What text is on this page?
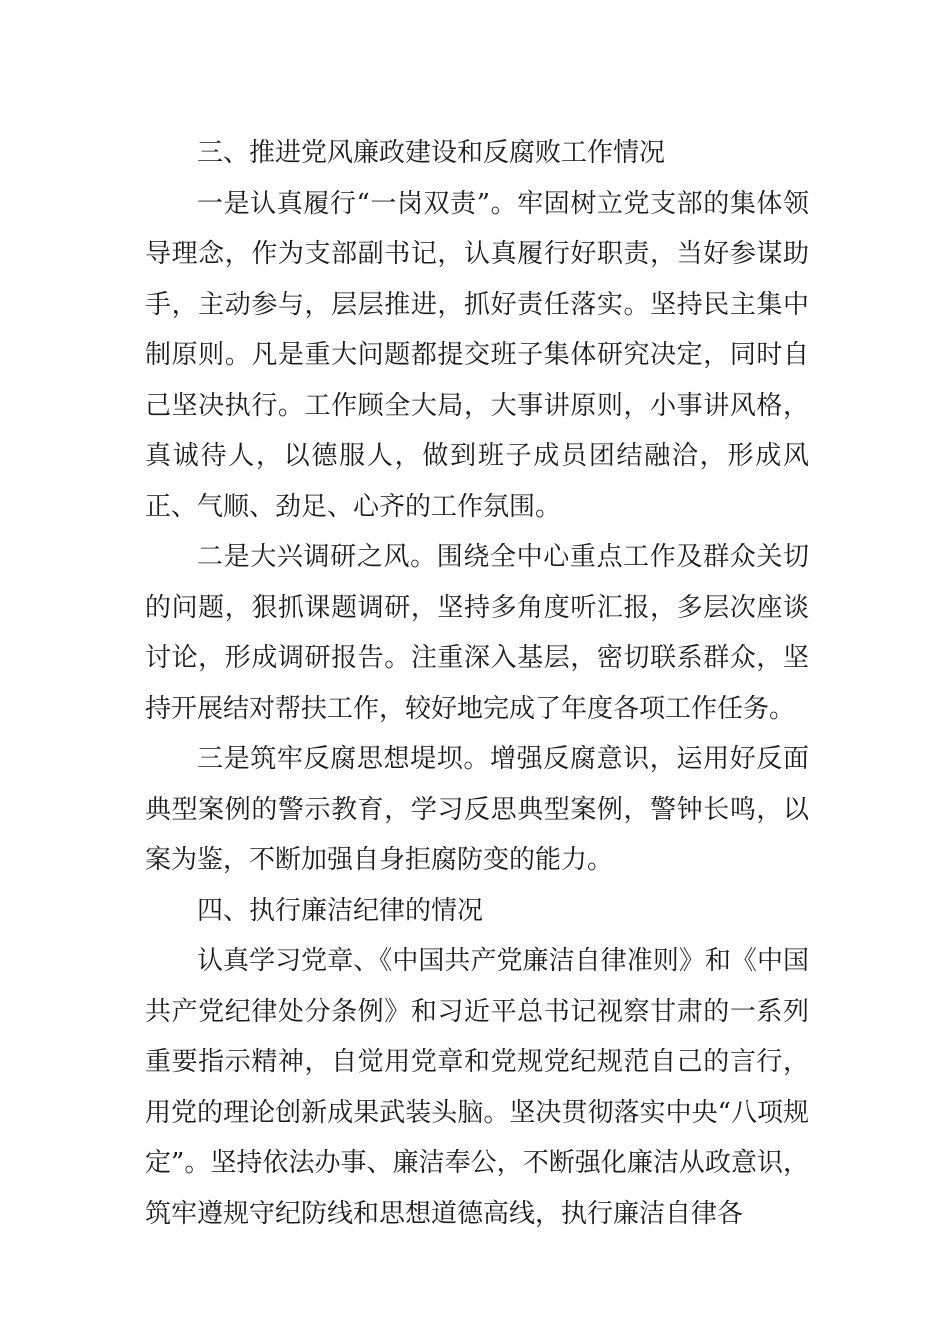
三、推进党风廉政建设和反腐败工作情况

一是认真履行“一岗双责”。牢固树立党支部的集体领导理念，作为支部副书记，认真履行好职责，当好参谋助手，主动参与，层层推进，抓好责任落实。坚持民主集中制原则。凡是重大问题都提交班子集体研究决定，同时自己坚决执行。工作顾全大局，大事讲原则，小事讲风格，真诚待人，以德服人，做到班子成员团结融洽，形成风正、气顺、劲足、心齐的工作氛围。

二是大兴调研之风。围绕全中心重点工作及群众关切的问题，狠抓课题调研，坚持多角度听汇报，多层次座谈讨论，形成调研报告。注重深入基层，密切联系群众，坚持开展结对帮扶工作，较好地完成了年度各项工作任务。

三是筑牢反腐思想堤坝。增强反腐意识，运用好反面典型案例的警示教育，学习反思典型案例，警钟长鸣，以案为鉴，不断加强自身拒腐防变的能力。

四、执行廉洁纪律的情况

认真学习党章、《中国共产党廉洁自律准则》和《中国共产党纪律处分条例》和习近平总书记视察甘肃的一系列重要指示精神，自觉用党章和党规党纪规范自己的言行，用党的理论创新成果武装头脑。坚决贯彻落实中央“八项规定”。坚持依法办事、廉洁奉公，不断强化廉洁从政意识，筑牢遵规守纪防线和思想道德高线，执行廉洁自律各
